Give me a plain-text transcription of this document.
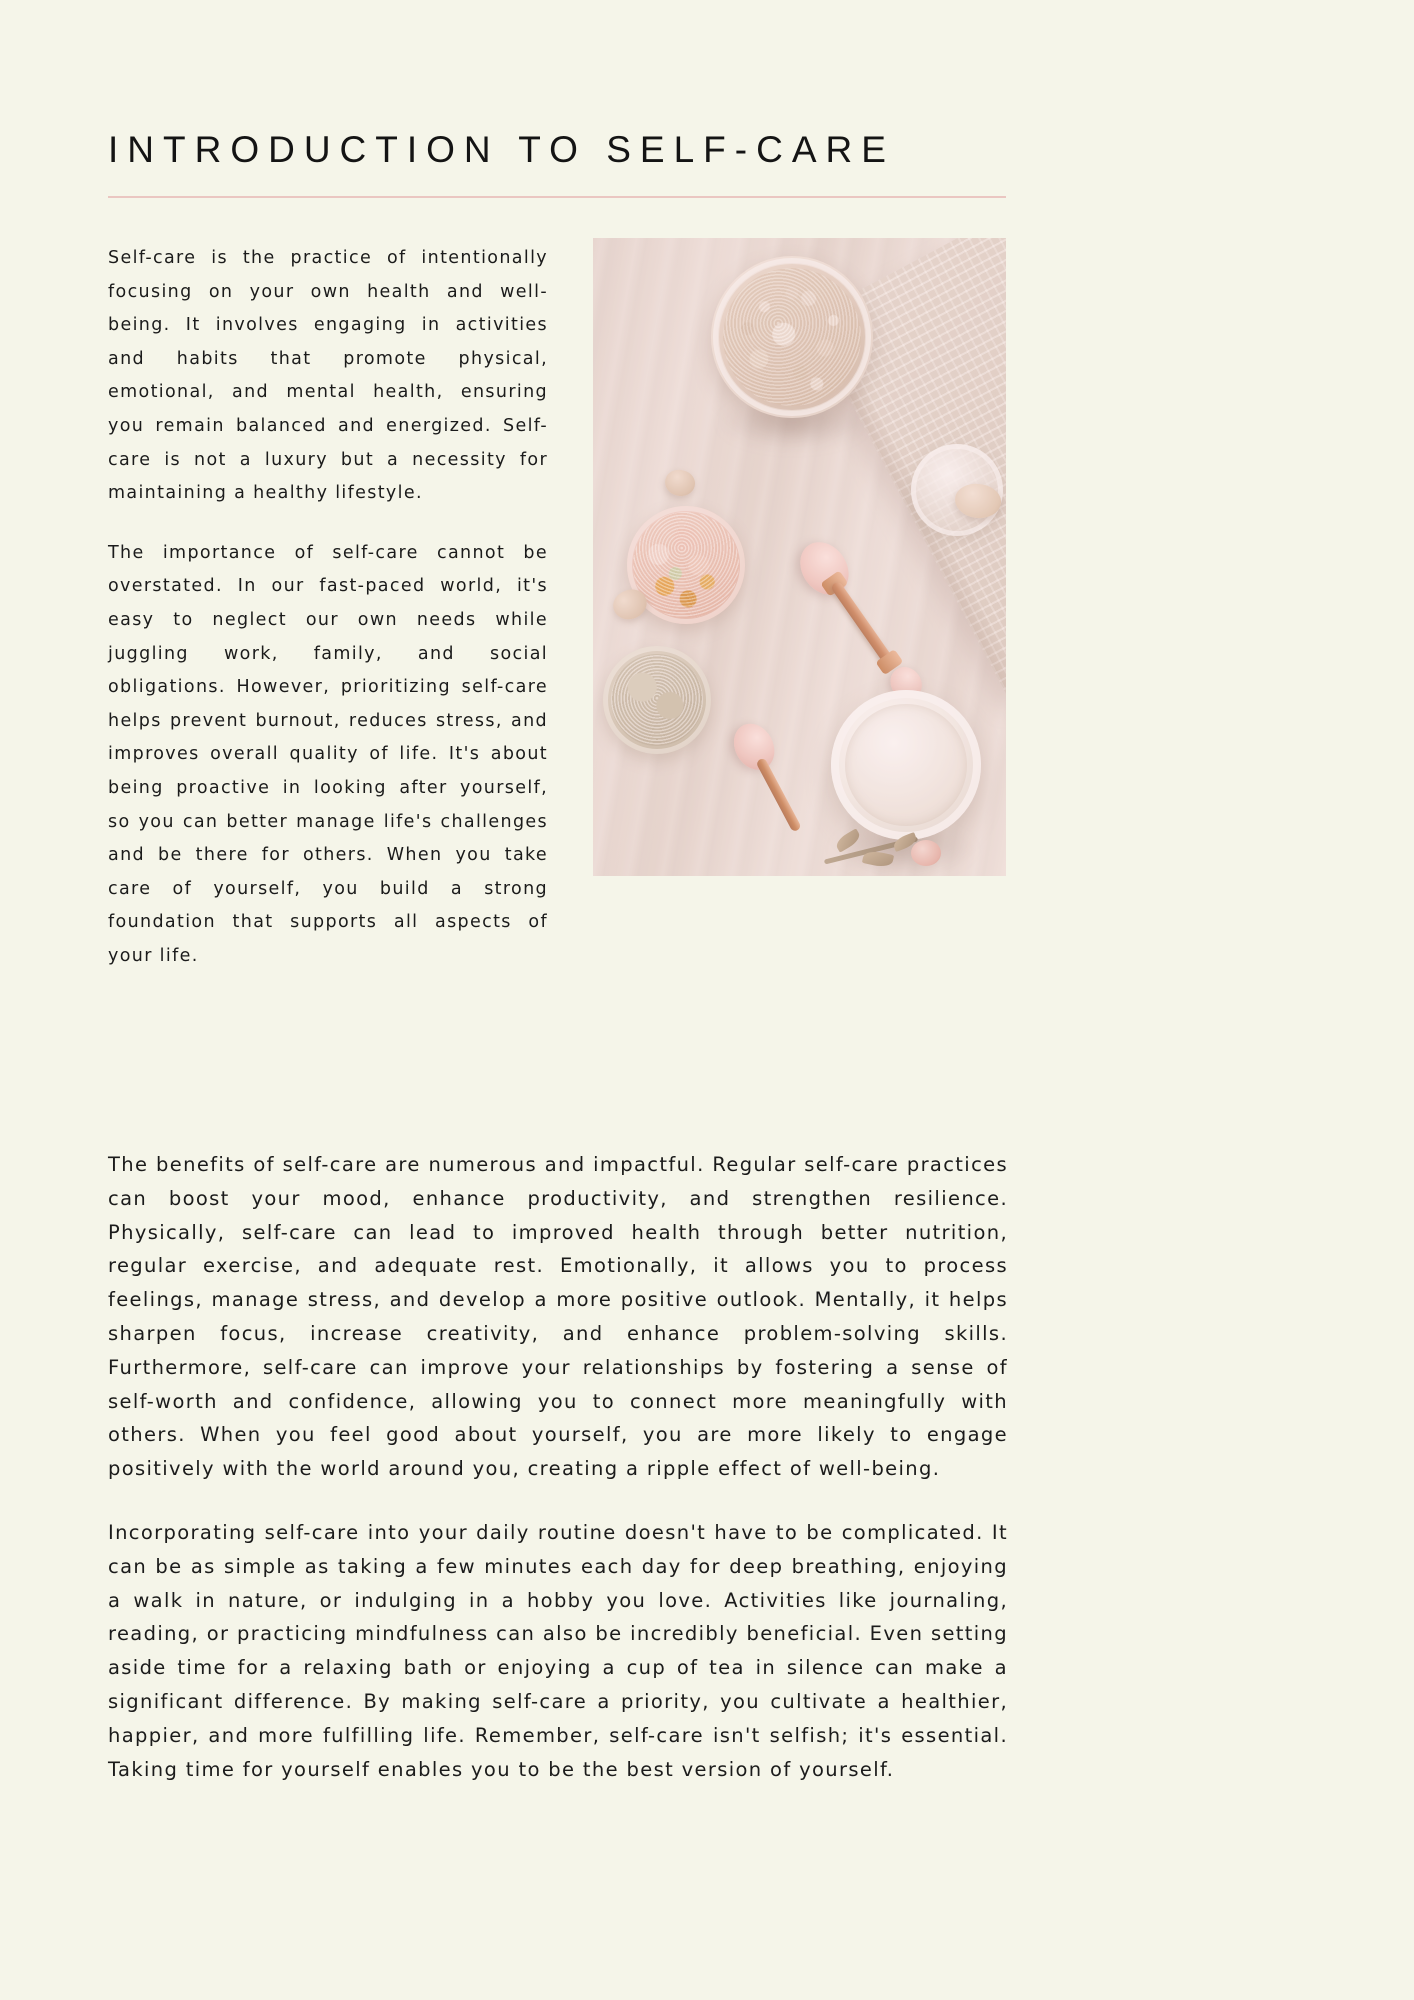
INTRODUCTION TO SELF-CARE

Self-care is the practice of intentionally focusing on your own health and well-being. It involves engaging in activities and habits that promote physical, emotional, and mental health, ensuring you remain balanced and energized. Self-care is not a luxury but a necessity for maintaining a healthy lifestyle.

The importance of self-care cannot be overstated. In our fast-paced world, it's easy to neglect our own needs while juggling work, family, and social obligations. However, prioritizing self-care helps prevent burnout, reduces stress, and improves overall quality of life. It's about being proactive in looking after yourself, so you can better manage life's challenges and be there for others. When you take care of yourself, you build a strong foundation that supports all aspects of your life.

The benefits of self-care are numerous and impactful. Regular self-care practices can boost your mood, enhance productivity, and strengthen resilience. Physically, self-care can lead to improved health through better nutrition, regular exercise, and adequate rest. Emotionally, it allows you to process feelings, manage stress, and develop a more positive outlook. Mentally, it helps sharpen focus, increase creativity, and enhance problem-solving skills. Furthermore, self-care can improve your relationships by fostering a sense of self-worth and confidence, allowing you to connect more meaningfully with others. When you feel good about yourself, you are more likely to engage positively with the world around you, creating a ripple effect of well-being.

Incorporating self-care into your daily routine doesn't have to be complicated. It can be as simple as taking a few minutes each day for deep breathing, enjoying a walk in nature, or indulging in a hobby you love. Activities like journaling, reading, or practicing mindfulness can also be incredibly beneficial. Even setting aside time for a relaxing bath or enjoying a cup of tea in silence can make a significant difference. By making self-care a priority, you cultivate a healthier, happier, and more fulfilling life. Remember, self-care isn't selfish; it's essential. Taking time for yourself enables you to be the best version of yourself.
